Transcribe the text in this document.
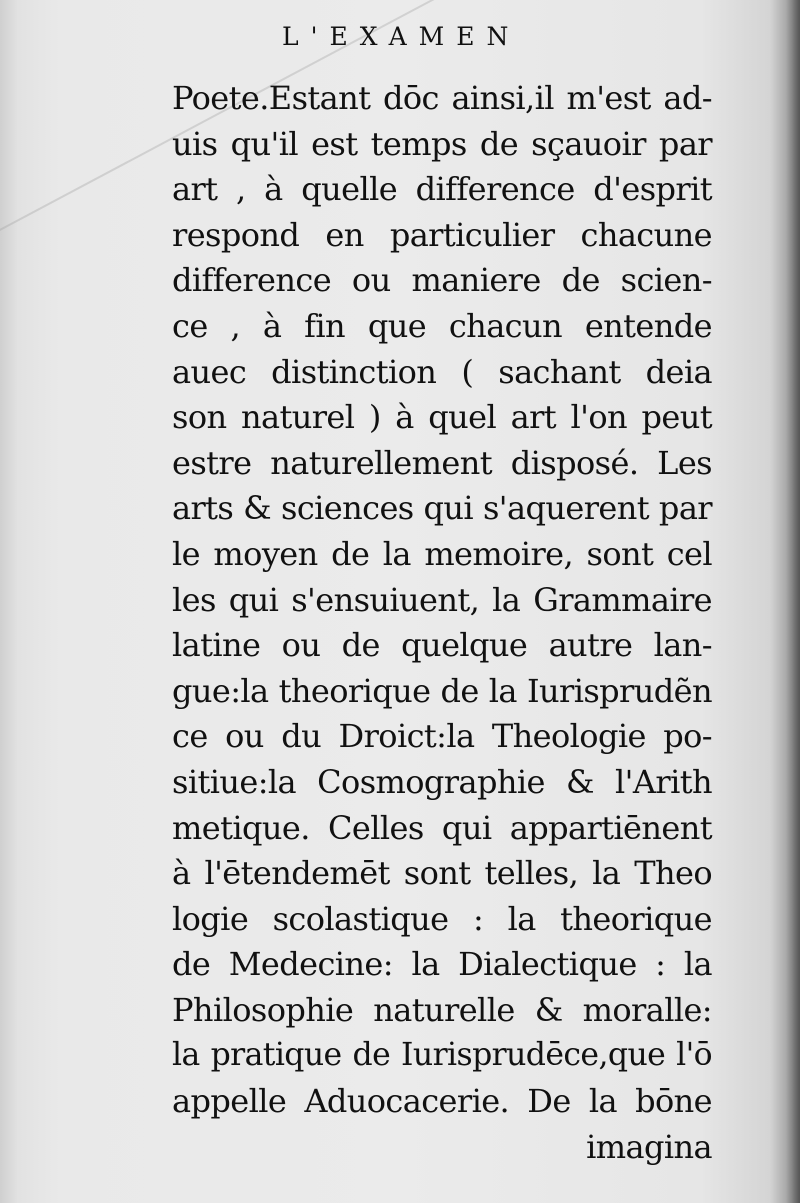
L'EXAMEN
Poete.Estant dōc ainsi,il m'est ad-
uis qu'il est temps de sçauoir par
art , à quelle difference d'esprit
respond en particulier chacune
difference ou maniere de scien-
ce , à fin que chacun entende
auec distinction ( sachant deia
son naturel ) à quel art l'on peut
estre naturellement disposé. Les
arts & sciences qui s'aquerent par
le moyen de la memoire, sont cel
les qui s'ensuiuent, la Grammaire
latine ou de quelque autre lan-
gue:la theorique de la Iurisprudẽn
ce ou du Droict:la Theologie po-
sitiue:la Cosmographie & l'Arith
metique. Celles qui appartiēnent
à l'ētendemēt sont telles, la Theo
logie scolastique : la theorique
de Medecine: la Dialectique : la
Philosophie naturelle & moralle:
la pratique de Iurisprudēce,que l'ō
appelle Aduocacerie. De la bōne
imagina
